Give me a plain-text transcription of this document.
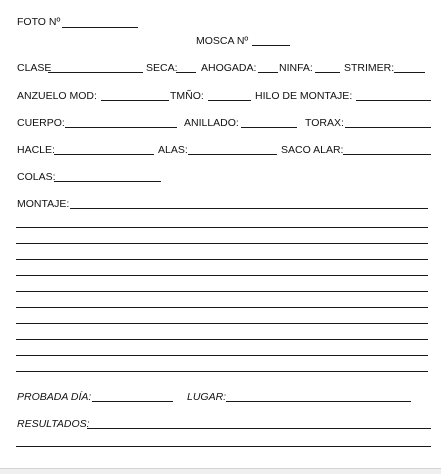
FOTO Nº
MOSCA Nº
CLASE	SECA: AHOGADA: NINFA:	STRIMER:
ANZUELO MOD:	TMÑO:	HILO DE MONTAJE:
CUERPO:	ANILLADO:	TORAX:
HACLE:	ALAS:	SACO ALAR:
COLAS:
MONTAJE:
PROBADA DÍA:	LUGAR:
RESULTADOS:
